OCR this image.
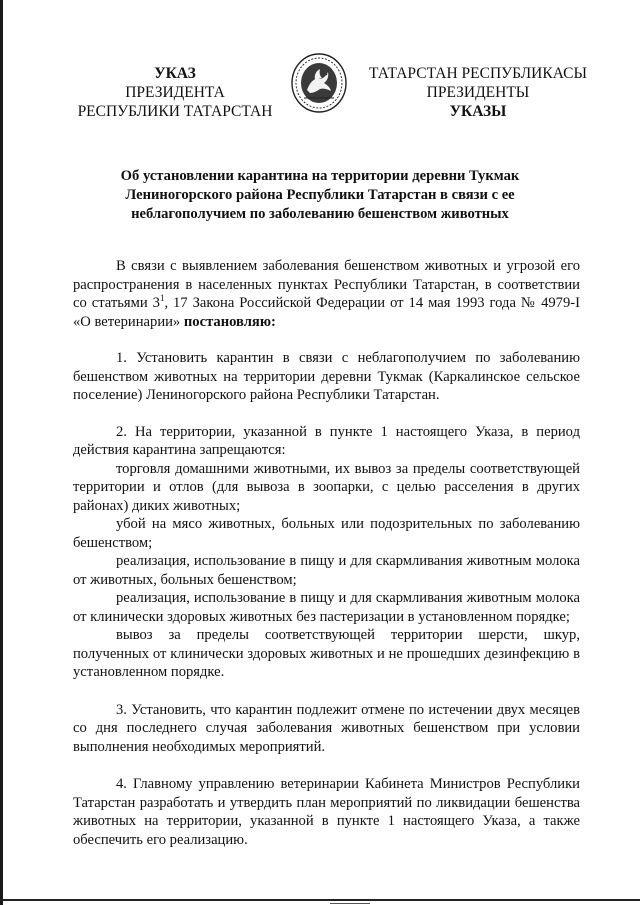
УКАЗ
ПРЕЗИДЕНТА
РЕСПУБЛИКИ ТАТАРСТАН
ТАТАРСТАН РЕСПУБЛИКАСЫ
ПРЕЗИДЕНТЫ
УКАЗЫ
Об установлении карантина на территории деревни Тукмак
Лениногорского района Республики Татарстан в связи с ее
неблагополучием по заболеванию бешенством животных

В связи с выявлением заболевания бешенством животных и угрозой его распространения в населенных пунктах Республики Татарстан, в соответствии со статьями $3^1$, 17 Закона Российской Федерации от 14 мая 1993 года № 4979-I «О ветеринарии» постановляю:

1. Установить карантин в связи с неблагополучием по заболеванию бешенством животных на территории деревни Тукмак (Каркалинское сельское поселение) Лениногорского района Республики Татарстан.

2. На территории, указанной в пункте 1 настоящего Указа, в период действия карантина запрещаются:

торговля домашними животными, их вывоз за пределы соответствующей территории и отлов (для вывоза в зоопарки, с целью расселения в других районах) диких животных;

убой на мясо животных, больных или подозрительных по заболеванию бешенством;

реализация, использование в пищу и для скармливания животным молока от животных, больных бешенством;

реализация, использование в пищу и для скармливания животным молока от клинически здоровых животных без пастеризации в установленном порядке;

вывоз за пределы соответствующей территории шерсти, шкур, полученных от клинически здоровых животных и не прошедших дезинфекцию в установленном порядке.

3. Установить, что карантин подлежит отмене по истечении двух месяцев со дня последнего случая заболевания животных бешенством при условии выполнения необходимых мероприятий.

4. Главному управлению ветеринарии Кабинета Министров Республики Татарстан разработать и утвердить план мероприятий по ликвидации бешенства животных на территории, указанной в пункте 1 настоящего Указа, а также обеспечить его реализацию.
